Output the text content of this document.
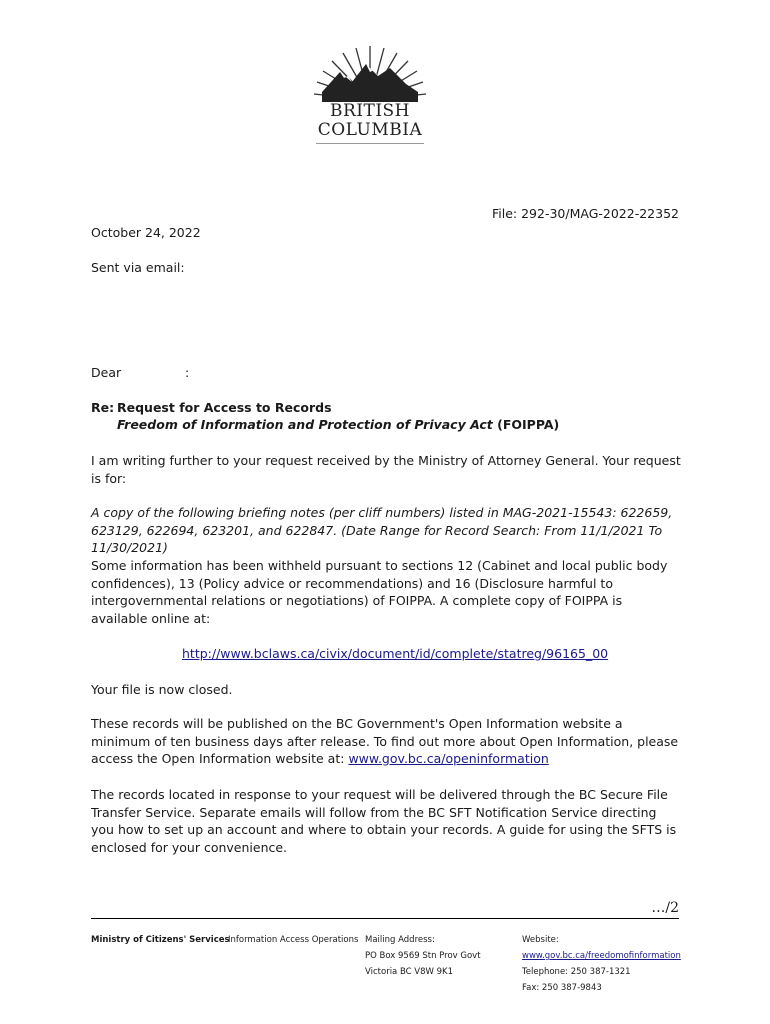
BRITISH
COLUMBIA
File: 292-30/MAG-2022-22352
October 24, 2022
Sent via email:
Dear	:
Re: Request for Access to Records
Freedom of Information and Protection of Privacy Act (FOIPPA)
I am writing further to your request received by the Ministry of Attorney General. Your request is for:
A copy of the following briefing notes (per cliff numbers) listed in MAG-2021-15543: 622659, 623129, 622694, 623201, and 622847. (Date Range for Record Search: From 11/1/2021 To 11/30/2021)
Some information has been withheld pursuant to sections 12 (Cabinet and local public body confidences), 13 (Policy advice or recommendations) and 16 (Disclosure harmful to intergovernmental relations or negotiations) of FOIPPA. A complete copy of FOIPPA is available online at:
http://www.bclaws.ca/civix/document/id/complete/statreg/96165_00
Your file is now closed.
These records will be published on the BC Government's Open Information website a minimum of ten business days after release. To find out more about Open Information, please access the Open Information website at: www.gov.bc.ca/openinformation
The records located in response to your request will be delivered through the BC Secure File Transfer Service. Separate emails will follow from the BC SFT Notification Service directing you how to set up an account and where to obtain your records. A guide for using the SFTS is enclosed for your convenience.
…/2
Ministry of Citizens' Services
Information Access Operations Mailing Address:
PO Box 9569 Stn Prov Govt
Victoria BC V8W 9K1
Website:
www.gov.bc.ca/freedomofinformation
Telephone: 250 387-1321
Fax: 250 387-9843
